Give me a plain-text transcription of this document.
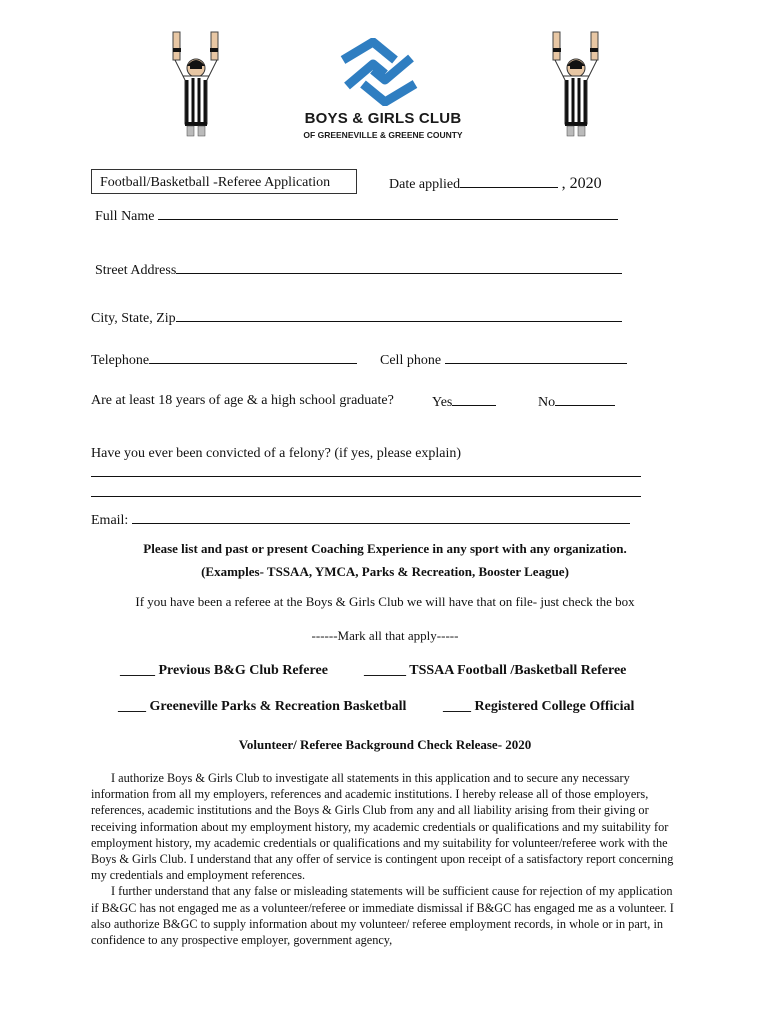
BOYS & GIRLS CLUB
OF GREENEVILLE & GREENE COUNTY
Football/Basketball -Referee Application	Date applied	, 2020
Full Name
Street Address
City, State, Zip
Telephone	Cell phone
Are at least 18 years of age & a high school graduate?	Yes	No
Have you ever been convicted of a felony? (if yes, please explain)
Email:
Please list and past or present Coaching Experience in any sport with any organization.
(Examples- TSSAA, YMCA, Parks & Recreation, Booster League)
If you have been a referee at the Boys & Girls Club we will have that on file- just check the box
------Mark all that apply-----
_____ Previous B&G Club Referee	______ TSSAA Football /Basketball Referee
____ Greeneville Parks & Recreation Basketball	____ Registered College Official
Volunteer/ Referee Background Check Release- 2020

I authorize Boys & Girls Club to investigate all statements in this application and to secure any necessary information from all my employers, references and academic institutions. I hereby release all of those employers, references, academic institutions and the Boys & Girls Club from any and all liability arising from their giving or receiving information about my employment history, my academic credentials or qualifications and my suitability for employment history, my academic credentials or qualifications and my suitability for volunteer/referee work with the Boys & Girls Club. I understand that any offer of service is contingent upon receipt of a satisfactory report concerning my credentials and employment references.

I further understand that any false or misleading statements will be sufficient cause for rejection of my application if B&GC has not engaged me as a volunteer/referee or immediate dismissal if B&GC has engaged me as a volunteer. I also authorize B&GC to supply information about my volunteer/ referee employment records, in whole or in part, in confidence to any prospective employer, government agency,
